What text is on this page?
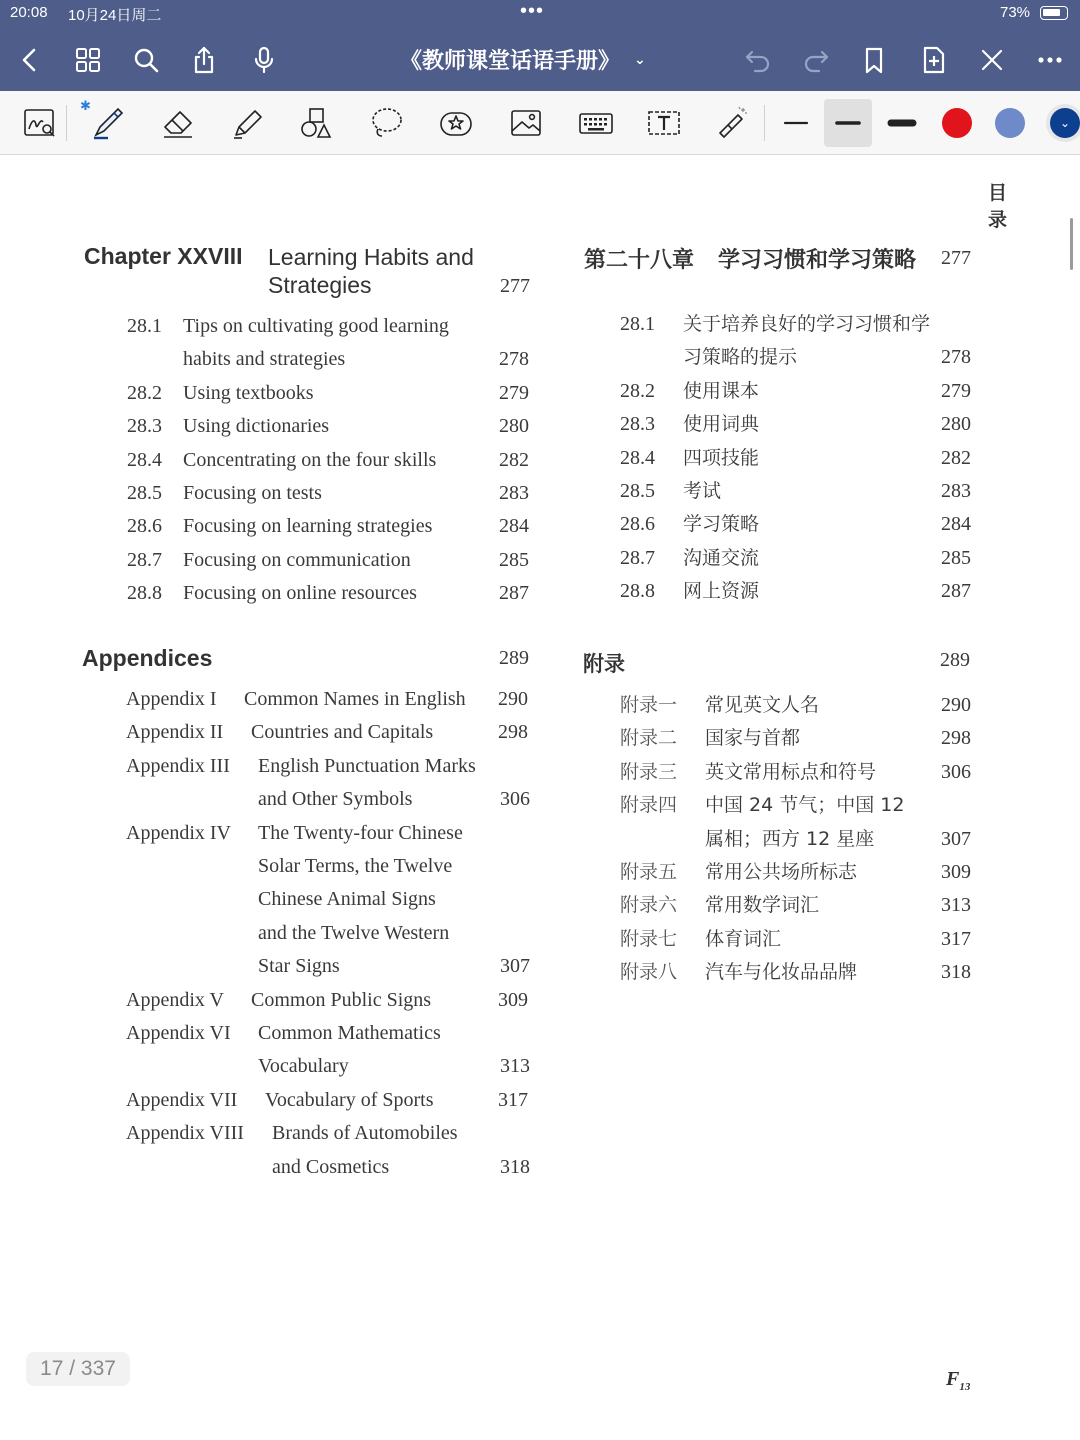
20:08 10月24日周二	•••	73%
《教师课堂话语手册》 ⌄
✱
⌄
目 录
Chapter XXVIII Learning Habits and Strategies	277
第二十八章 学习习惯和学习策略 277
Appendices	289	附录	289
17 / 337	$F_{13}$
28.1 Tips on cultivating good learning
habits and strategies	278
28.2 Using textbooks	279
28.3 Using dictionaries	280
28.4 Concentrating on the four skills	282
28.5 Focusing on tests	283
28.6 Focusing on learning strategies	284
28.7 Focusing on communication	285
28.8 Focusing on online resources	287
28.1 关于培养良好的学习习惯和学
习策略的提示	278
28.2 使用课本	279
28.3 使用词典	280
28.4 四项技能	282
28.5 考试	283
28.6 学习策略	284
28.7 沟通交流	285
28.8 网上资源	287
Appendix I Common Names in English 290
Appendix II Countries and Capitals	298
Appendix III English Punctuation Marks
and Other Symbols	306
Appendix IV The Twenty-four Chinese
Solar Terms, the Twelve
Chinese Animal Signs
and the Twelve Western
Star Signs	307
Appendix V Common Public Signs	309
Appendix VI Common Mathematics
Vocabulary	313
Appendix VII Vocabulary of Sports	317
Appendix VIII Brands of Automobiles
and Cosmetics	318
附录一 常见英文人名	290
附录二 国家与首都	298
附录三 英文常用标点和符号	306
附录四 中国 24 节气；中国 12
属相；西方 12 星座	307
附录五 常用公共场所标志	309
附录六 常用数学词汇	313
附录七 体育词汇	317
附录八 汽车与化妆品品牌	318
